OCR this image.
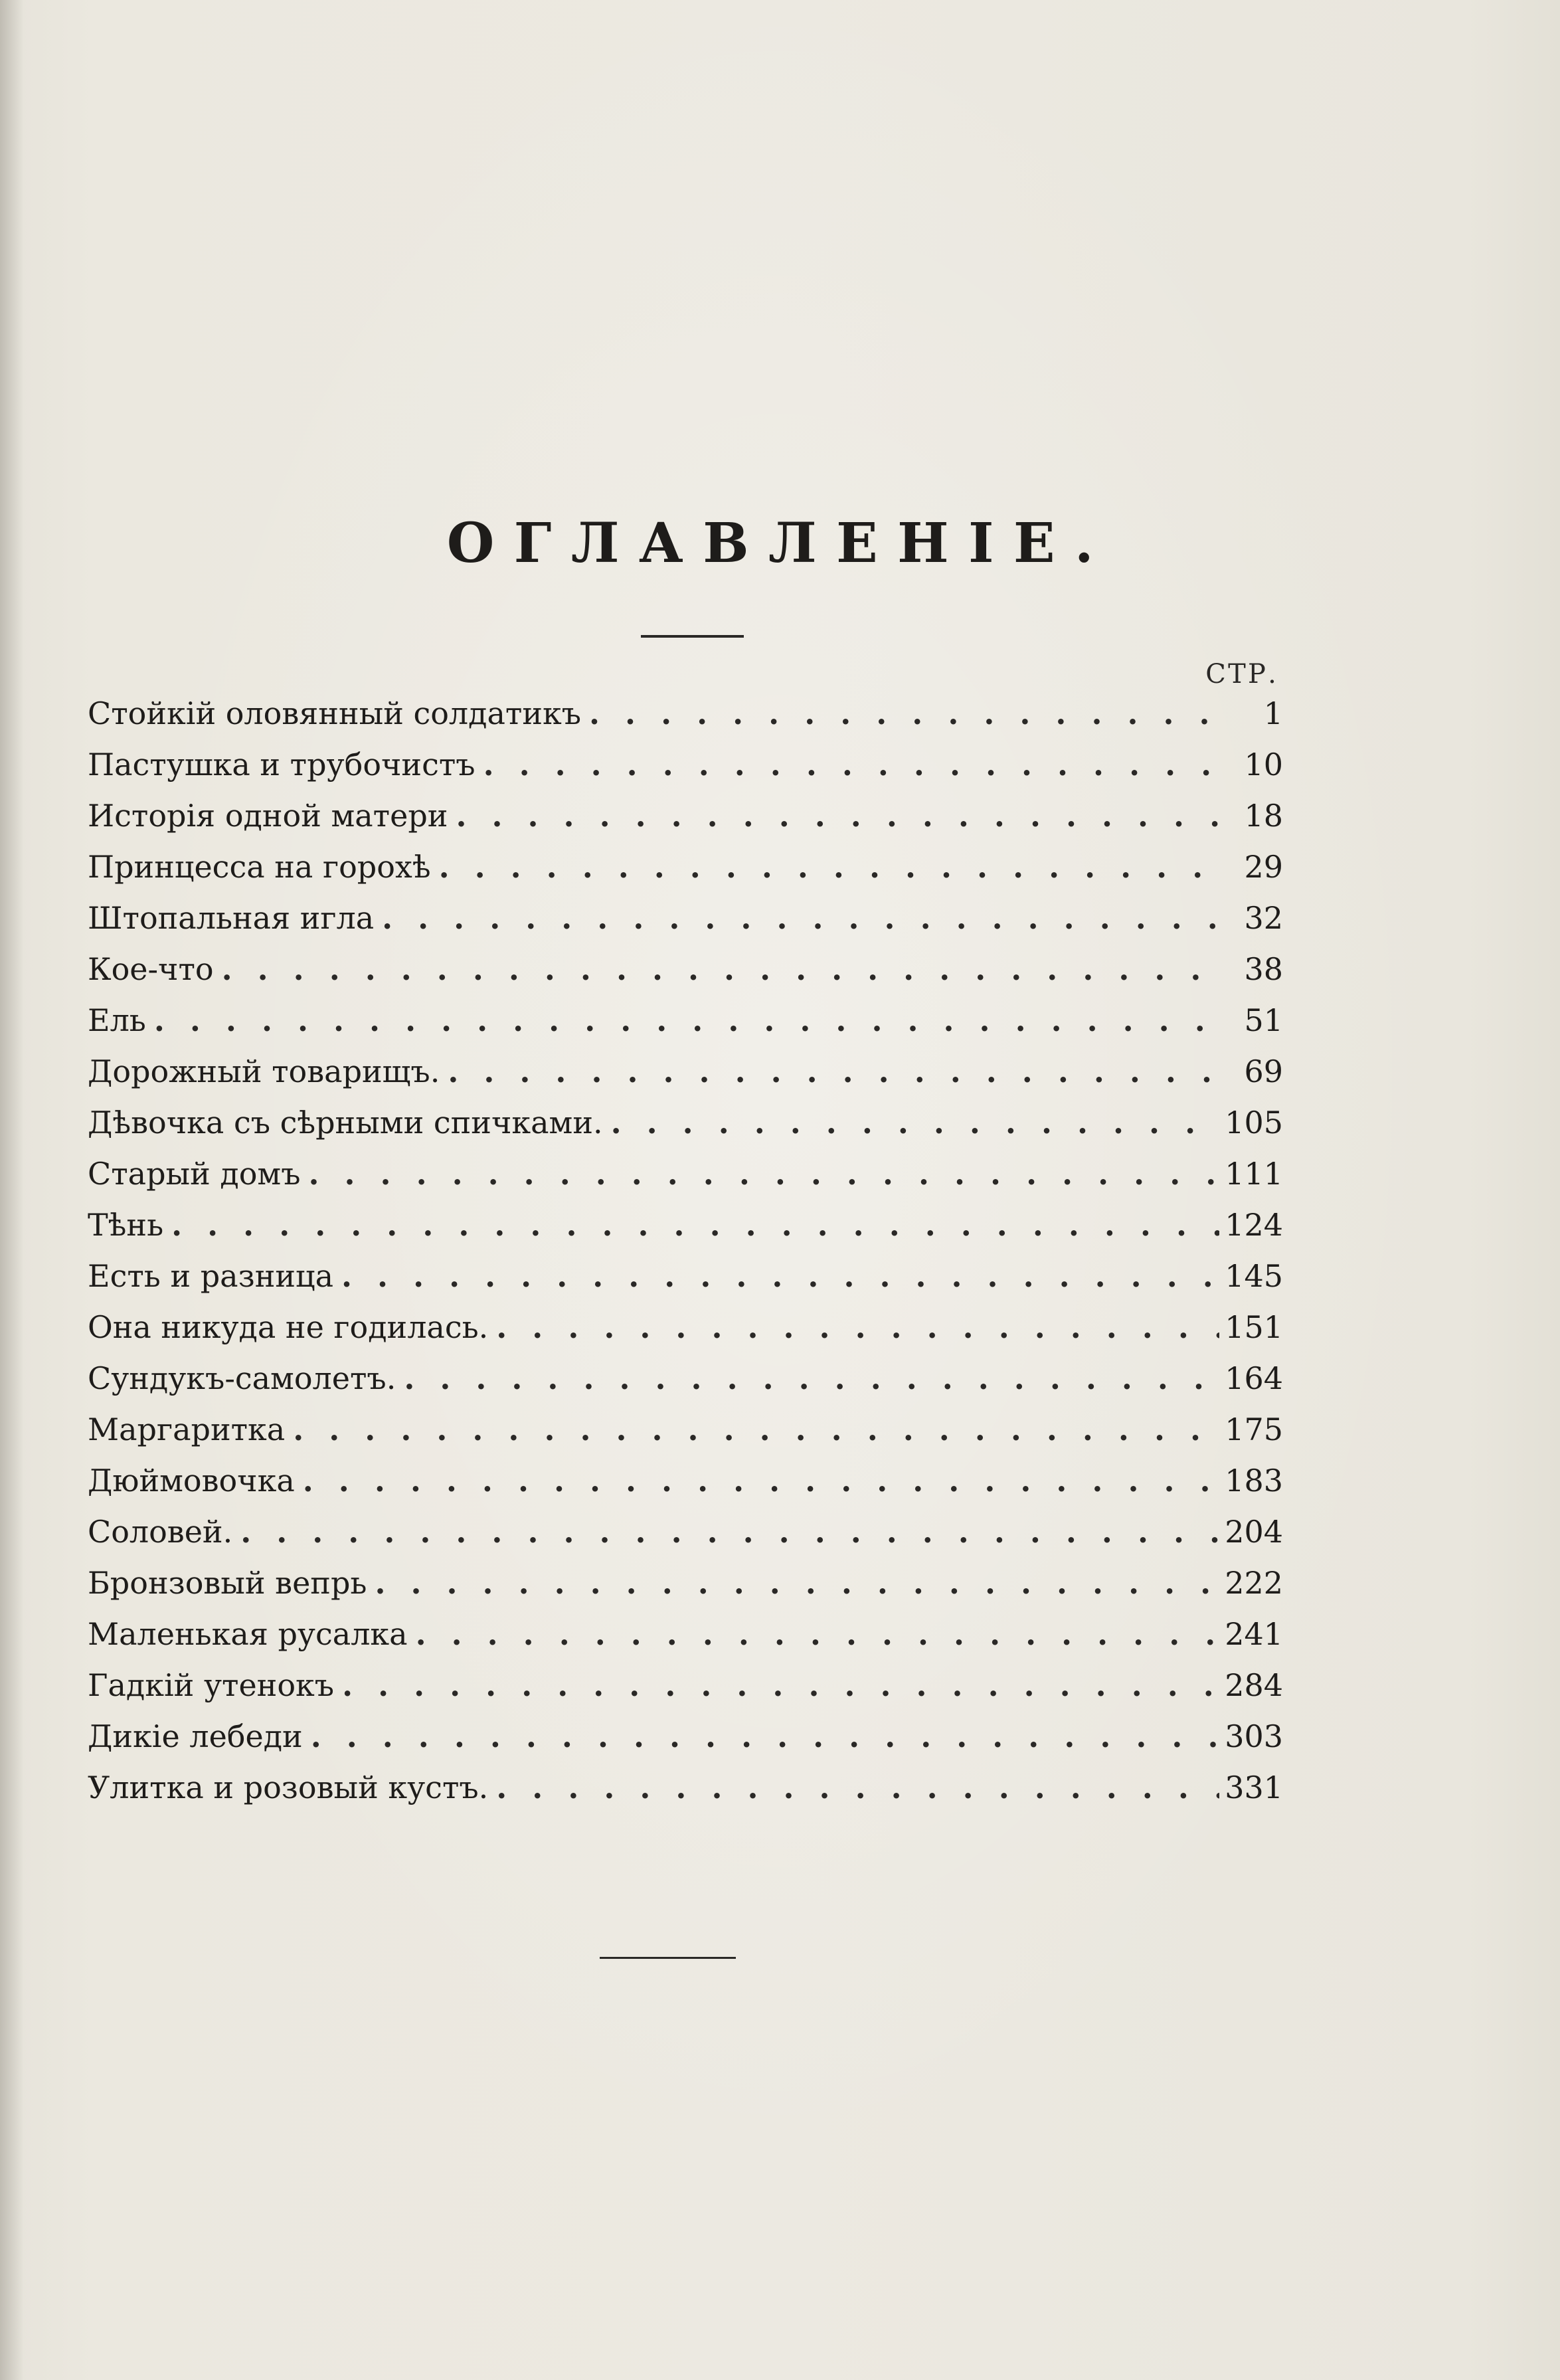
ОГЛАВЛЕНІЕ.
СТР.
Стойкій оловянный солдатикъ . . .	1
Пастушка и трубочистъ . . .	10
Исторія одной матери . . .	18
Принцесса на горохѣ . . .	29
Штопальная игла . . .	32
Кое-что . . .	38
Ель . . .	51
Дорожный товарищъ. . . .	69
Дѣвочка съ сѣрными спичками. . . .	105
Старый домъ . . .	111
Тѣнь . . .	124
Есть и разница . . .	145
Она никуда не годилась. . . .	151
Сундукъ-самолетъ. . . .	164
Маргаритка . . .	175
Дюймовочка . . .	183
Соловей. . . .	204
Бронзовый вепрь . . .	222
Маленькая русалка . . .	241
Гадкій утенокъ . . .	284
Дикіе лебеди . . .	303
Улитка и розовый кустъ. . . .	331
